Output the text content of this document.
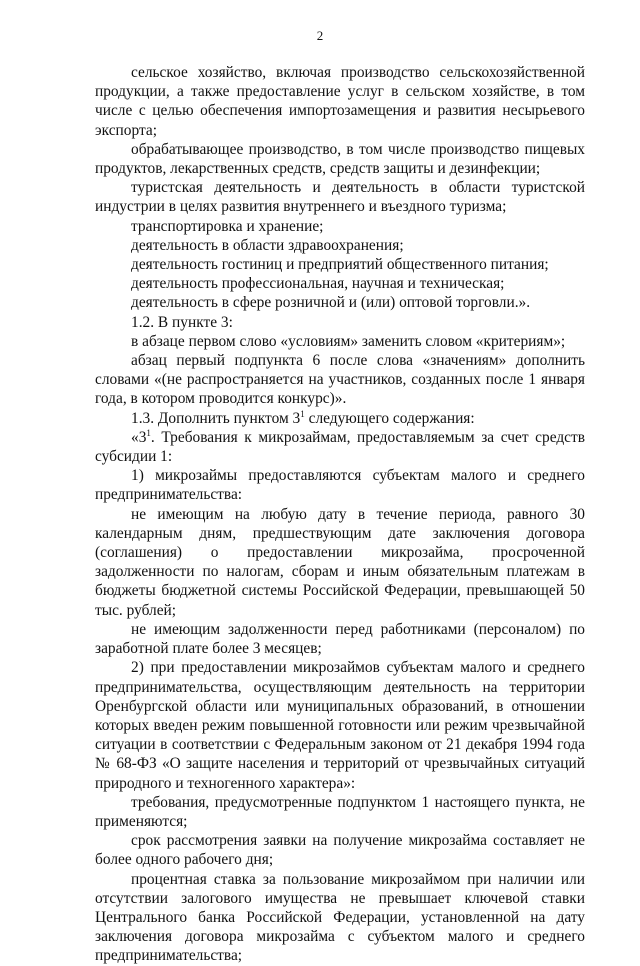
2

сельское хозяйство, включая производство сельскохозяйственной продукции, а также предоставление услуг в сельском хозяйстве, в том числе с целью обеспечения импортозамещения и развития несырьевого экспорта;

обрабатывающее производство, в том числе производство пищевых продуктов, лекарственных средств, средств защиты и дезинфекции;

туристская деятельность и деятельность в области туристской индустрии в целях развития внутреннего и въездного туризма;

транспортировка и хранение;

деятельность в области здравоохранения;

деятельность гостиниц и предприятий общественного питания;

деятельность профессиональная, научная и техническая;

деятельность в сфере розничной и (или) оптовой торговли.».

1.2. В пункте 3:

в абзаце первом слово «условиям» заменить словом «критериям»;

абзац первый подпункта 6 после слова «значениям» дополнить словами «(не распространяется на участников, созданных после 1 января года, в котором проводится конкурс)».

1.3. Дополнить пунктом $3^1$ следующего содержания:

«$3^1$. Требования к микрозаймам, предоставляемым за счет средств субсидии 1:

1) микрозаймы предоставляются субъектам малого и среднего предпринимательства:

не имеющим на любую дату в течение периода, равного 30 календарным дням, предшествующим дате заключения договора (соглашения) о предоставлении микрозайма, просроченной задолженности по налогам, сборам и иным обязательным платежам в бюджеты бюджетной системы Российской Федерации, превышающей 50 тыс. рублей;

не имеющим задолженности перед работниками (персоналом) по заработной плате более 3 месяцев;

2) при предоставлении микрозаймов субъектам малого и среднего предпринимательства, осуществляющим деятельность на территории Оренбургской области или муниципальных образований, в отношении которых введен режим повышенной готовности или режим чрезвычайной ситуации в соответствии с Федеральным законом от 21 декабря 1994 года № 68-ФЗ «О защите населения и территорий от чрезвычайных ситуаций природного и техногенного характера»:

требования, предусмотренные подпунктом 1 настоящего пункта, не применяются;

срок рассмотрения заявки на получение микрозайма составляет не более одного рабочего дня;

процентная ставка за пользование микрозаймом при наличии или отсутствии залогового имущества не превышает ключевой ставки Центрального банка Российской Федерации, установленной на дату заключения договора микрозайма с субъектом малого и среднего предпринимательства;
